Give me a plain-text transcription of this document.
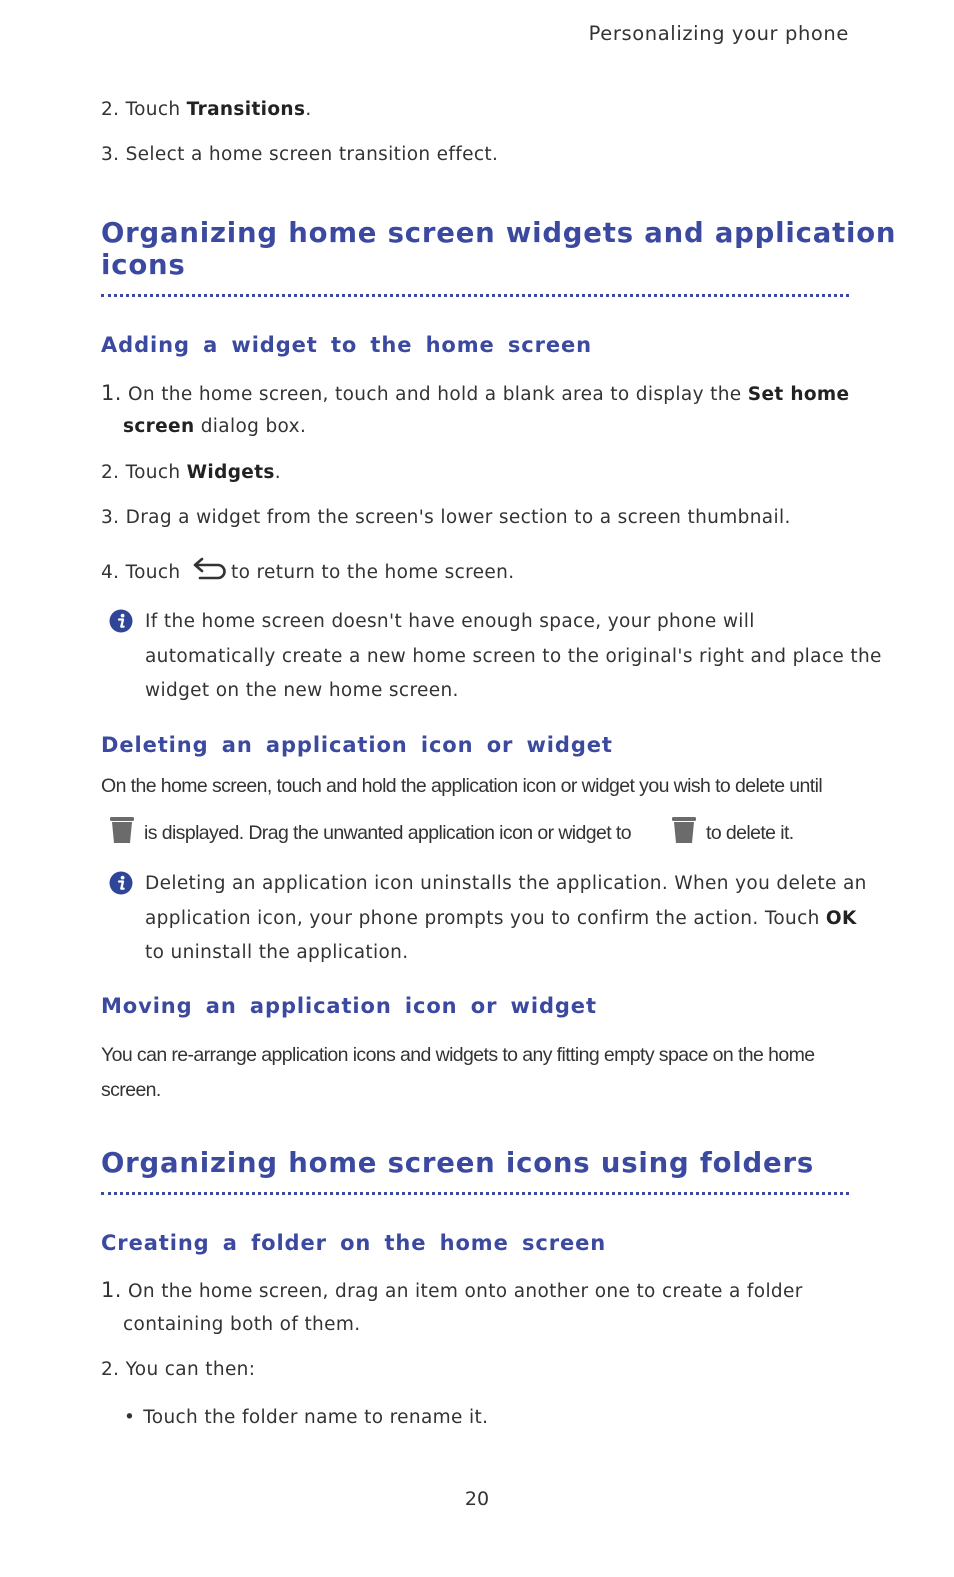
Personalizing your phone
2. Touch Transitions.
3. Select a home screen transition effect.
Organizing home screen widgets and application
icons
Adding a widget to the home screen
1. On the home screen, touch and hold a blank area to display the Set home
screen dialog box.
2. Touch Widgets.
3. Drag a widget from the screen's lower section to a screen thumbnail.
4. Touch	to return to the home screen.
If the home screen doesn't have enough space, your phone will
automatically create a new home screen to the original's right and place the
widget on the new home screen.
Deleting an application icon or widget
On the home screen, touch and hold the application icon or widget you wish to delete until
is displayed. Drag the unwanted application icon or widget to	to delete it.
Deleting an application icon uninstalls the application. When you delete an
application icon, your phone prompts you to confirm the action. Touch OK
to uninstall the application.
Moving an application icon or widget
You can re-arrange application icons and widgets to any fitting empty space on the home
screen.
Organizing home screen icons using folders
Creating a folder on the home screen
1. On the home screen, drag an item onto another one to create a folder
containing both of them.
2. You can then:
• Touch the folder name to rename it.
20
